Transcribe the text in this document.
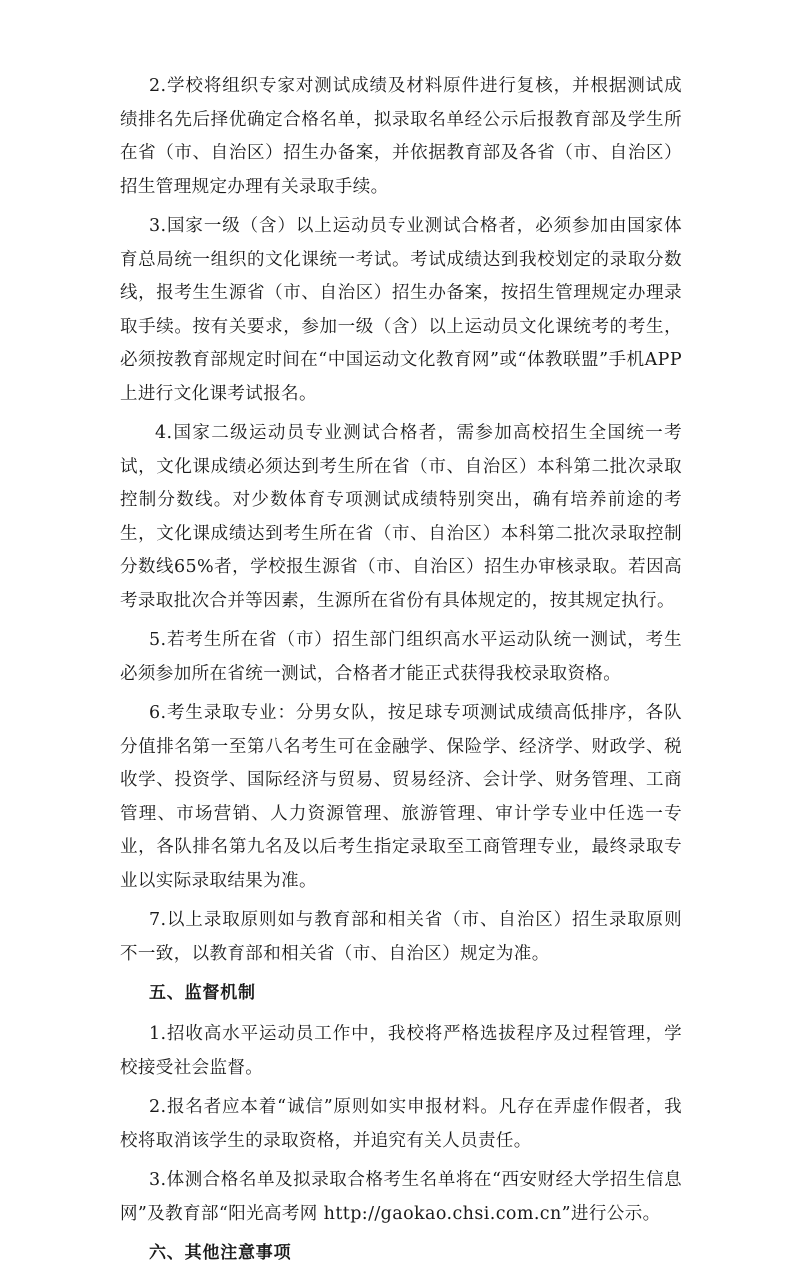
2.学校将组织专家对测试成绩及材料原件进行复核，并根据测试成绩排名先后择优确定合格名单，拟录取名单经公示后报教育部及学生所在省（市、自治区）招生办备案，并依据教育部及各省（市、自治区）招生管理规定办理有关录取手续。

3.国家一级（含）以上运动员专业测试合格者，必须参加由国家体育总局统一组织的文化课统一考试。考试成绩达到我校划定的录取分数线，报考生生源省（市、自治区）招生办备案，按招生管理规定办理录取手续。按有关要求，参加一级（含）以上运动员文化课统考的考生，必须按教育部规定时间在“中国运动文化教育网”或“体教联盟”手机APP上进行文化课考试报名。

4.国家二级运动员专业测试合格者，需参加高校招生全国统一考试，文化课成绩必须达到考生所在省（市、自治区）本科第二批次录取控制分数线。对少数体育专项测试成绩特别突出，确有培养前途的考生，文化课成绩达到考生所在省（市、自治区）本科第二批次录取控制分数线65%者，学校报生源省（市、自治区）招生办审核录取。若因高考录取批次合并等因素，生源所在省份有具体规定的，按其规定执行。

5.若考生所在省（市）招生部门组织高水平运动队统一测试，考生必须参加所在省统一测试，合格者才能正式获得我校录取资格。

6.考生录取专业：分男女队，按足球专项测试成绩高低排序，各队分值排名第一至第八名考生可在金融学、保险学、经济学、财政学、税收学、投资学、国际经济与贸易、贸易经济、会计学、财务管理、工商管理、市场营销、人力资源管理、旅游管理、审计学专业中任选一专业，各队排名第九名及以后考生指定录取至工商管理专业，最终录取专业以实际录取结果为准。

7.以上录取原则如与教育部和相关省（市、自治区）招生录取原则不一致，以教育部和相关省（市、自治区）规定为准。

五、监督机制

1.招收高水平运动员工作中，我校将严格选拔程序及过程管理，学校接受社会监督。

2.报名者应本着“诚信”原则如实申报材料。凡存在弄虚作假者，我校将取消该学生的录取资格，并追究有关人员责任。

3.体测合格名单及拟录取合格考生名单将在“西安财经大学招生信息网”及教育部“阳光高考网 http://gaokao.chsi.com.cn”进行公示。

六、其他注意事项
